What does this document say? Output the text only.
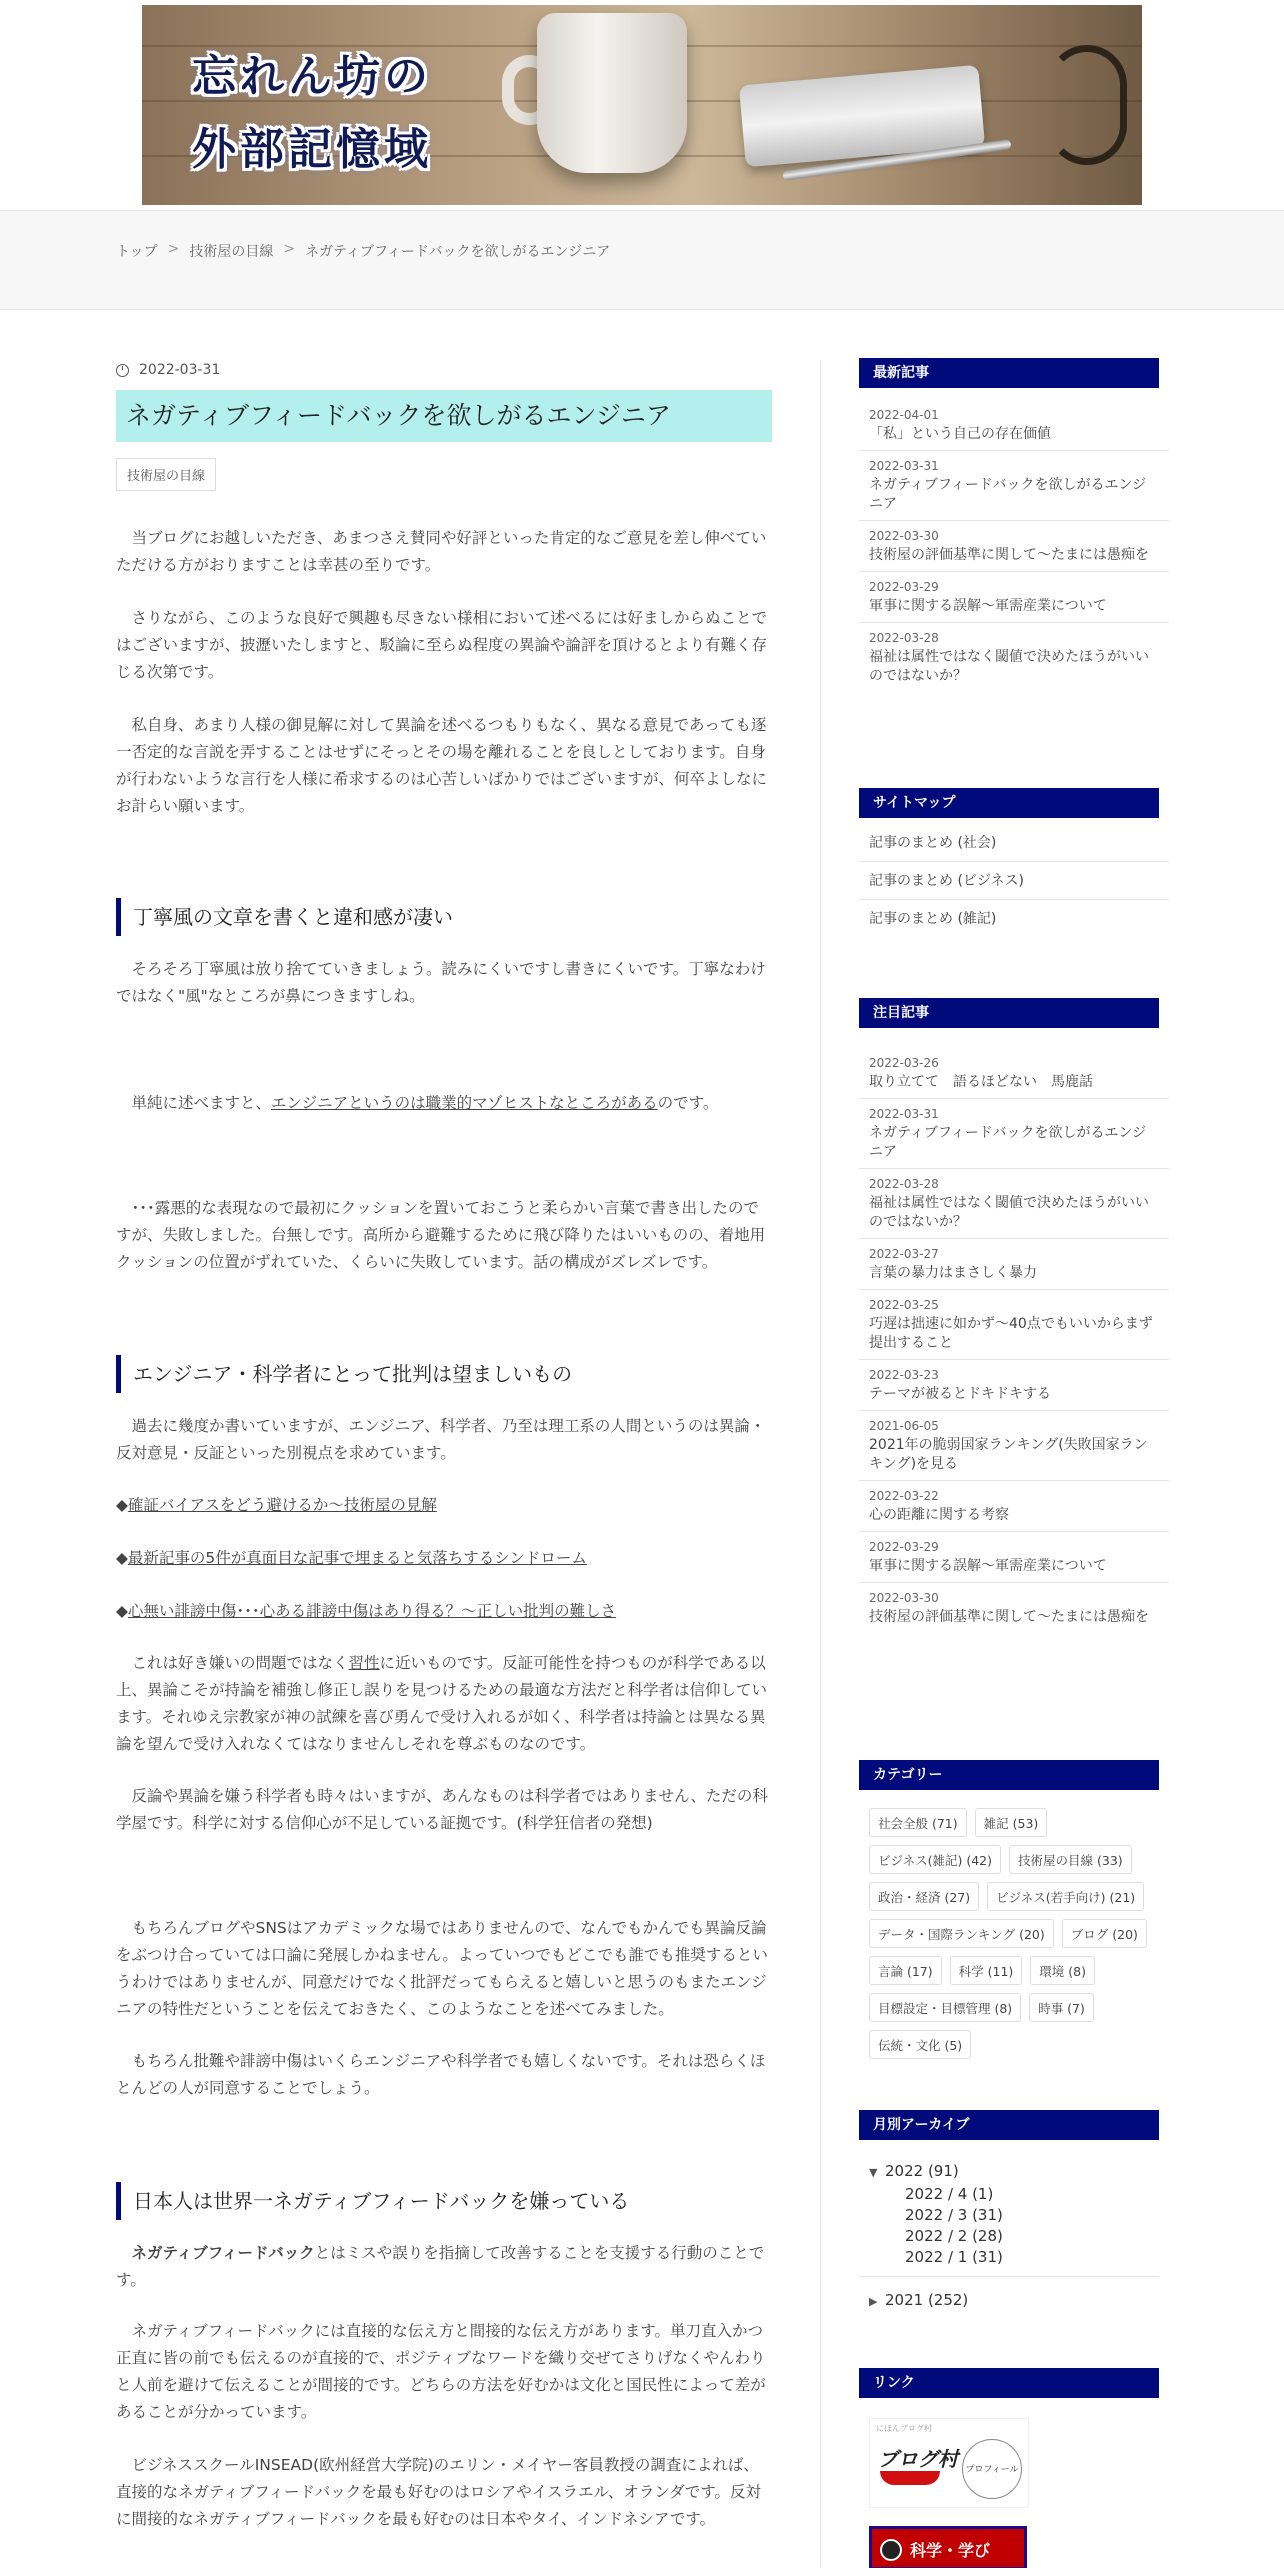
忘れん坊の
外部記憶域
トップ > 技術屋の目線 > ネガティブフィードバックを欲しがるエンジニア
2022-03-31
ネガティブフィードバックを欲しがるエンジニア
技術屋の目線

 当ブログにお越しいただき、あまつさえ賛同や好評といった肯定的なご意見を差し伸べていただける方がおりますことは幸甚の至りです。

 さりながら、このような良好で興趣も尽きない様相において述べるには好ましからぬことではございますが、披瀝いたしますと、駁論に至らぬ程度の異論や論評を頂けるとより有難く存じる次第です。

 私自身、あまり人様の御見解に対して異論を述べるつもりもなく、異なる意見であっても逐一否定的な言説を弄することはせずにそっとその場を離れることを良しとしております。自身が行わないような言行を人様に希求するのは心苦しいばかりではございますが、何卒よしなにお計らい願います。

丁寧風の文章を書くと違和感が凄い

 そろそろ丁寧風は放り捨てていきましょう。読みにくいですし書きにくいです。丁寧なわけではなく"風"なところが鼻につきますしね。

 単純に述べますと、エンジニアというのは職業的マゾヒストなところがあるのです。

 ･･･露悪的な表現なので最初にクッションを置いておこうと柔らかい言葉で書き出したのですが、失敗しました。台無しです。高所から避難するために飛び降りたはいいものの、着地用クッションの位置がずれていた、くらいに失敗しています。話の構成がズレズレです。

エンジニア・科学者にとって批判は望ましいもの

 過去に幾度か書いていますが、エンジニア、科学者、乃至は理工系の人間というのは異論・反対意見・反証といった別視点を求めています。

◆確証バイアスをどう避けるか～技術屋の見解

◆最新記事の5件が真面目な記事で埋まると気落ちするシンドローム

◆心無い誹謗中傷･･･心ある誹謗中傷はあり得る？～正しい批判の難しさ

 これは好き嫌いの問題ではなく習性に近いものです。反証可能性を持つものが科学である以上、異論こそが持論を補強し修正し誤りを見つけるための最適な方法だと科学者は信仰しています。それゆえ宗教家が神の試練を喜び勇んで受け入れるが如く、科学者は持論とは異なる異論を望んで受け入れなくてはなりませんしそれを尊ぶものなのです。

 反論や異論を嫌う科学者も時々はいますが、あんなものは科学者ではありません、ただの科学屋です。科学に対する信仰心が不足している証拠です。(科学狂信者の発想)

 もちろんブログやSNSはアカデミックな場ではありませんので、なんでもかんでも異論反論をぶつけ合っていては口論に発展しかねません。よっていつでもどこでも誰でも推奨するというわけではありませんが、同意だけでなく批評だってもらえると嬉しいと思うのもまたエンジニアの特性だということを伝えておきたく、このようなことを述べてみました。

 もちろん批難や誹謗中傷はいくらエンジニアや科学者でも嬉しくないです。それは恐らくほとんどの人が同意することでしょう。

日本人は世界一ネガティブフィードバックを嫌っている

 ネガティブフィードバックとはミスや誤りを指摘して改善することを支援する行動のことです。

 ネガティブフィードバックには直接的な伝え方と間接的な伝え方があります。単刀直入かつ正直に皆の前でも伝えるのが直接的で、ポジティブなワードを織り交ぜてさりげなくやんわりと人前を避けて伝えることが間接的です。どちらの方法を好むかは文化と国民性によって差があることが分かっています。

 ビジネススクールINSEAD(欧州経営大学院)のエリン・メイヤー客員教授の調査によれば、直接的なネガティブフィードバックを最も好むのはロシアやイスラエル、オランダです。反対に間接的なネガティブフィードバックを最も好むのは日本やタイ、インドネシアです。

最新記事
2022-04-01
「私」という自己の存在価値
2022-03-31
ネガティブフィードバックを欲しがるエンジニア
2022-03-30
技術屋の評価基準に関して～たまには愚痴を
2022-03-29
軍事に関する誤解～軍需産業について
2022-03-28
福祉は属性ではなく閾値で決めたほうがいいのではないか？
サイトマップ
記事のまとめ (社会)
記事のまとめ (ビジネス)
記事のまとめ (雑記)
注目記事
2022-03-26
取り立てて　語るほどない　馬鹿話
2022-03-31
ネガティブフィードバックを欲しがるエンジニア
2022-03-28
福祉は属性ではなく閾値で決めたほうがいいのではないか？
2022-03-27
言葉の暴力はまさしく暴力
2022-03-25
巧遅は拙速に如かず～40点でもいいからまず提出すること
2022-03-23
テーマが被るとドキドキする
2021-06-05
2021年の脆弱国家ランキング(失敗国家ランキング)を見る
2022-03-22
心の距離に関する考察
2022-03-29
軍事に関する誤解～軍需産業について
2022-03-30
技術屋の評価基準に関して～たまには愚痴を
カテゴリー
社会全般 (71)	雑記 (53)
ビジネス(雑記) (42)	技術屋の目線 (33)
政治・経済 (27)	ビジネス(若手向け) (21)
データ・国際ランキング (20)	ブログ (20)
言論 (17)	科学 (11)	環境 (8)
目標設定・目標管理 (8)	時事 (7)
伝統・文化 (5)
月別アーカイブ
▼ 2022 (91)
2022 / 4 (1)
2022 / 3 (31)
2022 / 2 (28)
2022 / 1 (31)
▶ 2021 (252)
リンク
にほんブログ村
ブログ村 プロフィール
科学・学び
